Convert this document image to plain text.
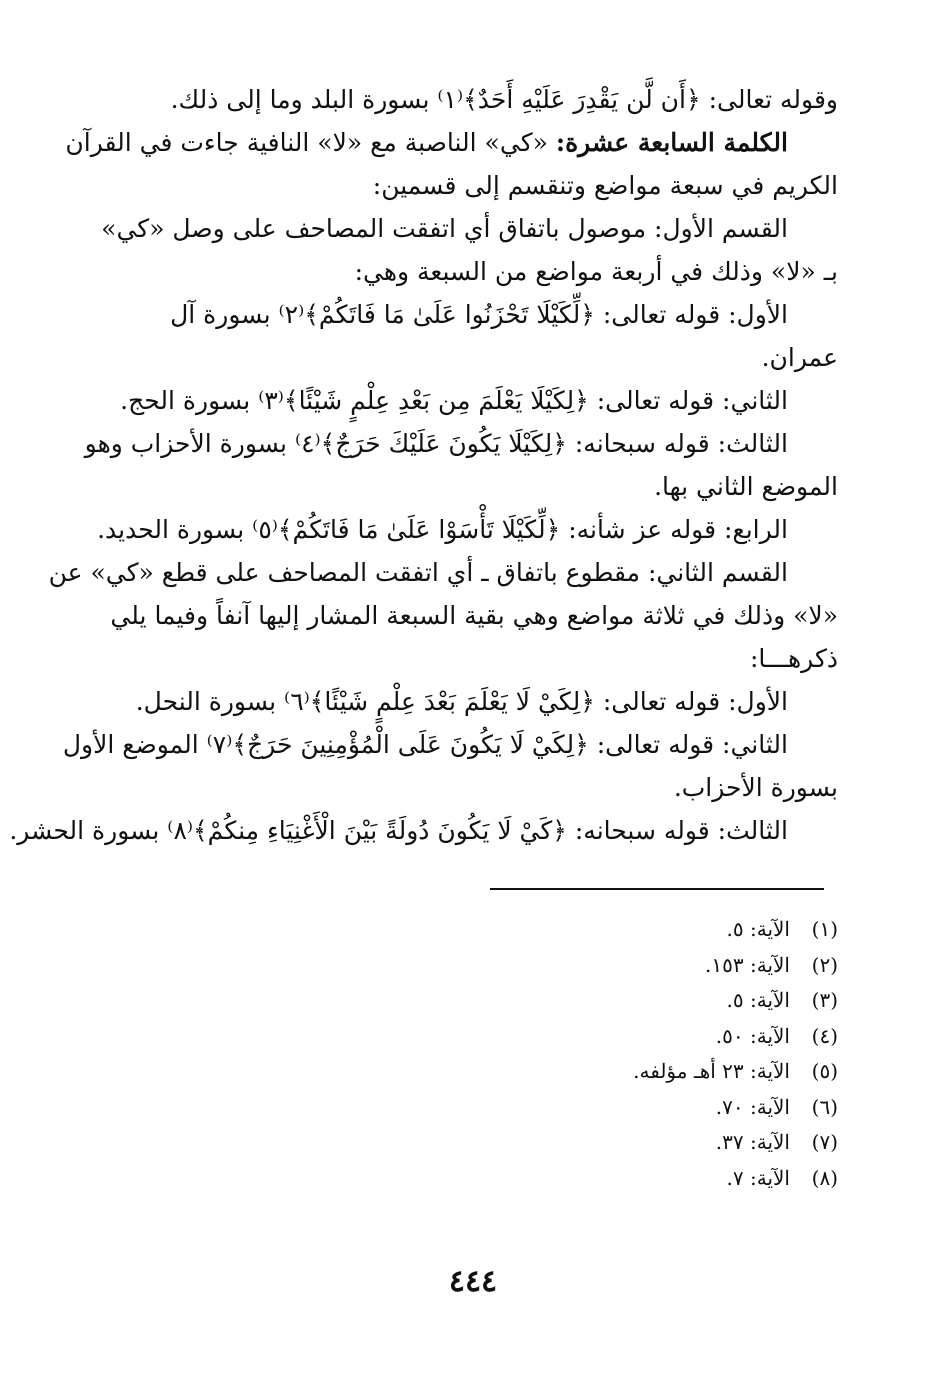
وقوله تعالى: ﴿أَن لَّن يَقْدِرَ عَلَيْهِ أَحَدٌ﴾⁽١⁾ بسورة البلد وما إلى ذلك.
الكلمة السابعة عشرة: «كي» الناصبة مع «لا» النافية جاءت في القرآن
الكريم في سبعة مواضع وتنقسم إلى قسمين:
القسم الأول: موصول باتفاق أي اتفقت المصاحف على وصل «كي»
بـ «لا» وذلك في أربعة مواضع من السبعة وهي:
الأول: قوله تعالى: ﴿لِّكَيْلَا تَحْزَنُوا عَلَىٰ مَا فَاتَكُمْ﴾⁽٢⁾ بسورة آل
عمران.
الثاني: قوله تعالى: ﴿لِكَيْلَا يَعْلَمَ مِن بَعْدِ عِلْمٍ شَيْئًا﴾⁽٣⁾ بسورة الحج.
الثالث: قوله سبحانه: ﴿لِكَيْلَا يَكُونَ عَلَيْكَ حَرَجٌ﴾⁽٤⁾ بسورة الأحزاب وهو
الموضع الثاني بها.
الرابع: قوله عز شأنه: ﴿لِّكَيْلَا تَأْسَوْا عَلَىٰ مَا فَاتَكُمْ﴾⁽٥⁾ بسورة الحديد.
القسم الثاني: مقطوع باتفاق ـ أي اتفقت المصاحف على قطع «كي» عن
«لا» وذلك في ثلاثة مواضع وهي بقية السبعة المشار إليها آنفاً وفيما يلي
ذكرهـــا:
الأول: قوله تعالى: ﴿لِكَيْ لَا يَعْلَمَ بَعْدَ عِلْمٍ شَيْئًا﴾⁽٦⁾ بسورة النحل.
الثاني: قوله تعالى: ﴿لِكَيْ لَا يَكُونَ عَلَى الْمُؤْمِنِينَ حَرَجٌ﴾⁽٧⁾ الموضع الأول
بسورة الأحزاب.
الثالث: قوله سبحانه: ﴿كَيْ لَا يَكُونَ دُولَةً بَيْنَ الْأَغْنِيَاءِ مِنكُمْ﴾⁽٨⁾ بسورة الحشر.
(١)الآية: ٥.
(٢)الآية: ١٥٣.
(٣)الآية: ٥.
(٤)الآية: ٥٠.
(٥)الآية: ٢٣ أهـ مؤلفه.
(٦)الآية: ٧٠.
(٧)الآية: ٣٧.
(٨)الآية: ٧.
٤٤٤
